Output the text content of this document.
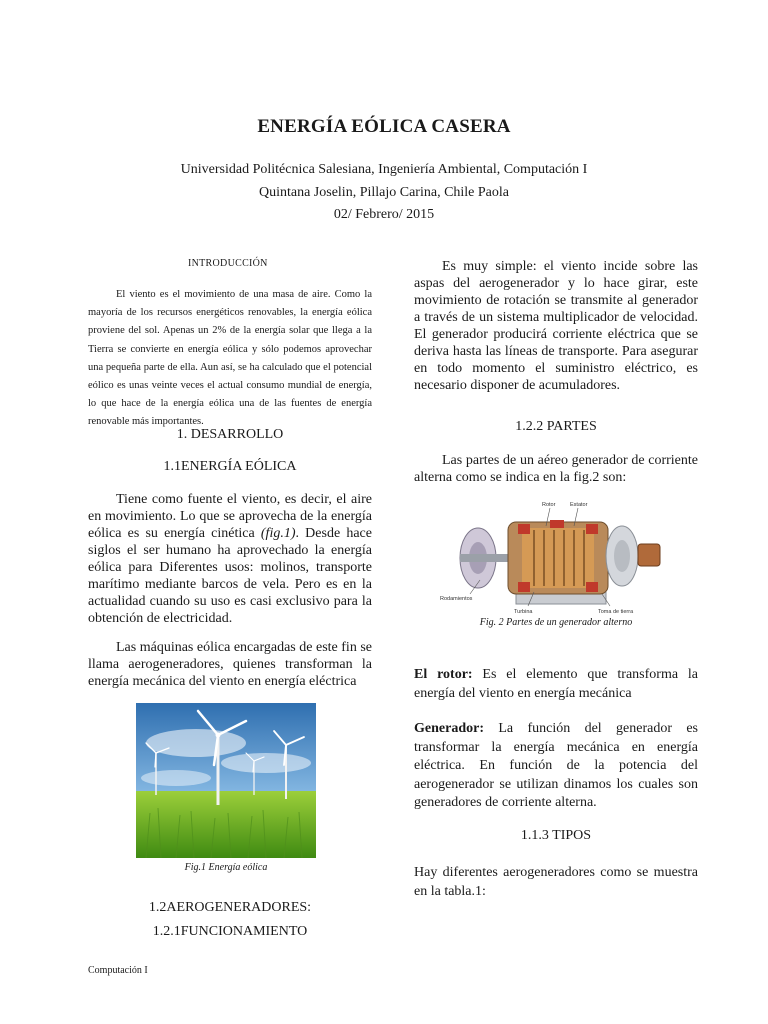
ENERGÍA EÓLICA CASERA
Universidad Politécnica Salesiana, Ingeniería Ambiental, Computación I
Quintana Joselin, Pillajo Carina, Chile Paola
02/ Febrero/ 2015
INTRODUCCIÓN
El viento es el movimiento de una masa de aire. Como la mayoría de los recursos energéticos renovables, la energía eólica proviene del sol. Apenas un 2% de la energía solar que llega a la Tierra se convierte en energía eólica y sólo podemos aprovechar una pequeña parte de ella. Aun así, se ha calculado que el potencial eólico es unas veinte veces el actual consumo mundial de energía, lo que hace de la energía eólica una de las fuentes de energía renovable más importantes.
1. DESARROLLO
1.1ENERGÍA EÓLICA
Tiene como fuente el viento, es decir, el aire en movimiento. Lo que se aprovecha de la energía eólica es su energía cinética (fig.1). Desde hace siglos el ser humano ha aprovechado la energía eólica para Diferentes usos: molinos, transporte marítimo mediante barcos de vela. Pero es en la actualidad cuando su uso es casi exclusivo para la obtención de electricidad.
Las máquinas eólica encargadas de este fin se llama aerogeneradores, quienes transforman la energía mecánica del viento en energía eléctrica
Fig.1 Energía eólica
1.2AEROGENERADORES:
1.2.1FUNCIONAMIENTO
Es muy simple: el viento incide sobre las aspas del aerogenerador y lo hace girar, este movimiento de rotación se transmite al generador a través de un sistema multiplicador de velocidad. El generador producirá corriente eléctrica que se deriva hasta las líneas de transporte. Para asegurar en todo momento el suministro eléctrico, es necesario disponer de acumuladores.
1.2.2 PARTES
Las partes de un aéreo generador de corriente alterna como se indica en la fig.2 son:
Rotor	Estator
Rodamientos
Turbina	Toma de tierra
Fig. 2 Partes de un generador alterno
El rotor: Es el elemento que transforma la energía del viento en energía mecánica
Generador: La función del generador es transformar la energía mecánica en energía eléctrica. En función de la potencia del aerogenerador se utilizan dinamos los cuales son generadores de corriente alterna.
1.1.3 TIPOS
Hay diferentes aerogeneradores como se muestra en la tabla.1:
Computación I
